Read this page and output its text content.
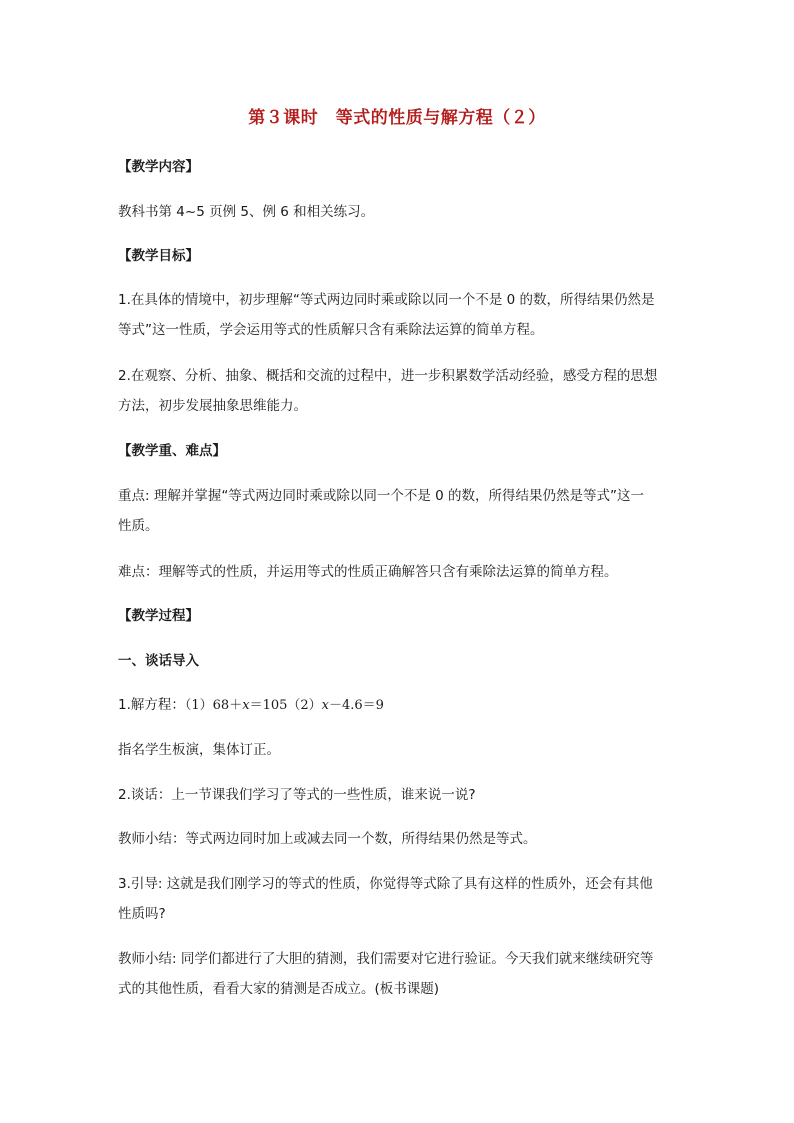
第３课时　等式的性质与解方程（２）
【教学内容】
教科书第 4~5 页例 5、例 6 和相关练习。
【教学目标】
1.在具体的情境中，初步理解“等式两边同时乘或除以同一个不是 0 的数，所得结果仍然是
等式”这一性质，学会运用等式的性质解只含有乘除法运算的简单方程。
2.在观察、分析、抽象、概括和交流的过程中，进一步积累数学活动经验，感受方程的思想
方法，初步发展抽象思维能力。
【教学重、难点】
重点: 理解并掌握“等式两边同时乘或除以同一个不是 0 的数，所得结果仍然是等式”这一
性质。
难点：理解等式的性质，并运用等式的性质正确解答只含有乘除法运算的简单方程。
【教学过程】
一、谈话导入
1.解方程：（1）68＋x＝105（2）x－4.6＝9
指名学生板演，集体订正。
2.谈话：上一节课我们学习了等式的一些性质，谁来说一说?
教师小结：等式两边同时加上或减去同一个数，所得结果仍然是等式。
3.引导: 这就是我们刚学习的等式的性质，你觉得等式除了具有这样的性质外，还会有其他
性质吗?
教师小结: 同学们都进行了大胆的猜测，我们需要对它进行验证。今天我们就来继续研究等
式的其他性质，看看大家的猜测是否成立。(板书课题)
